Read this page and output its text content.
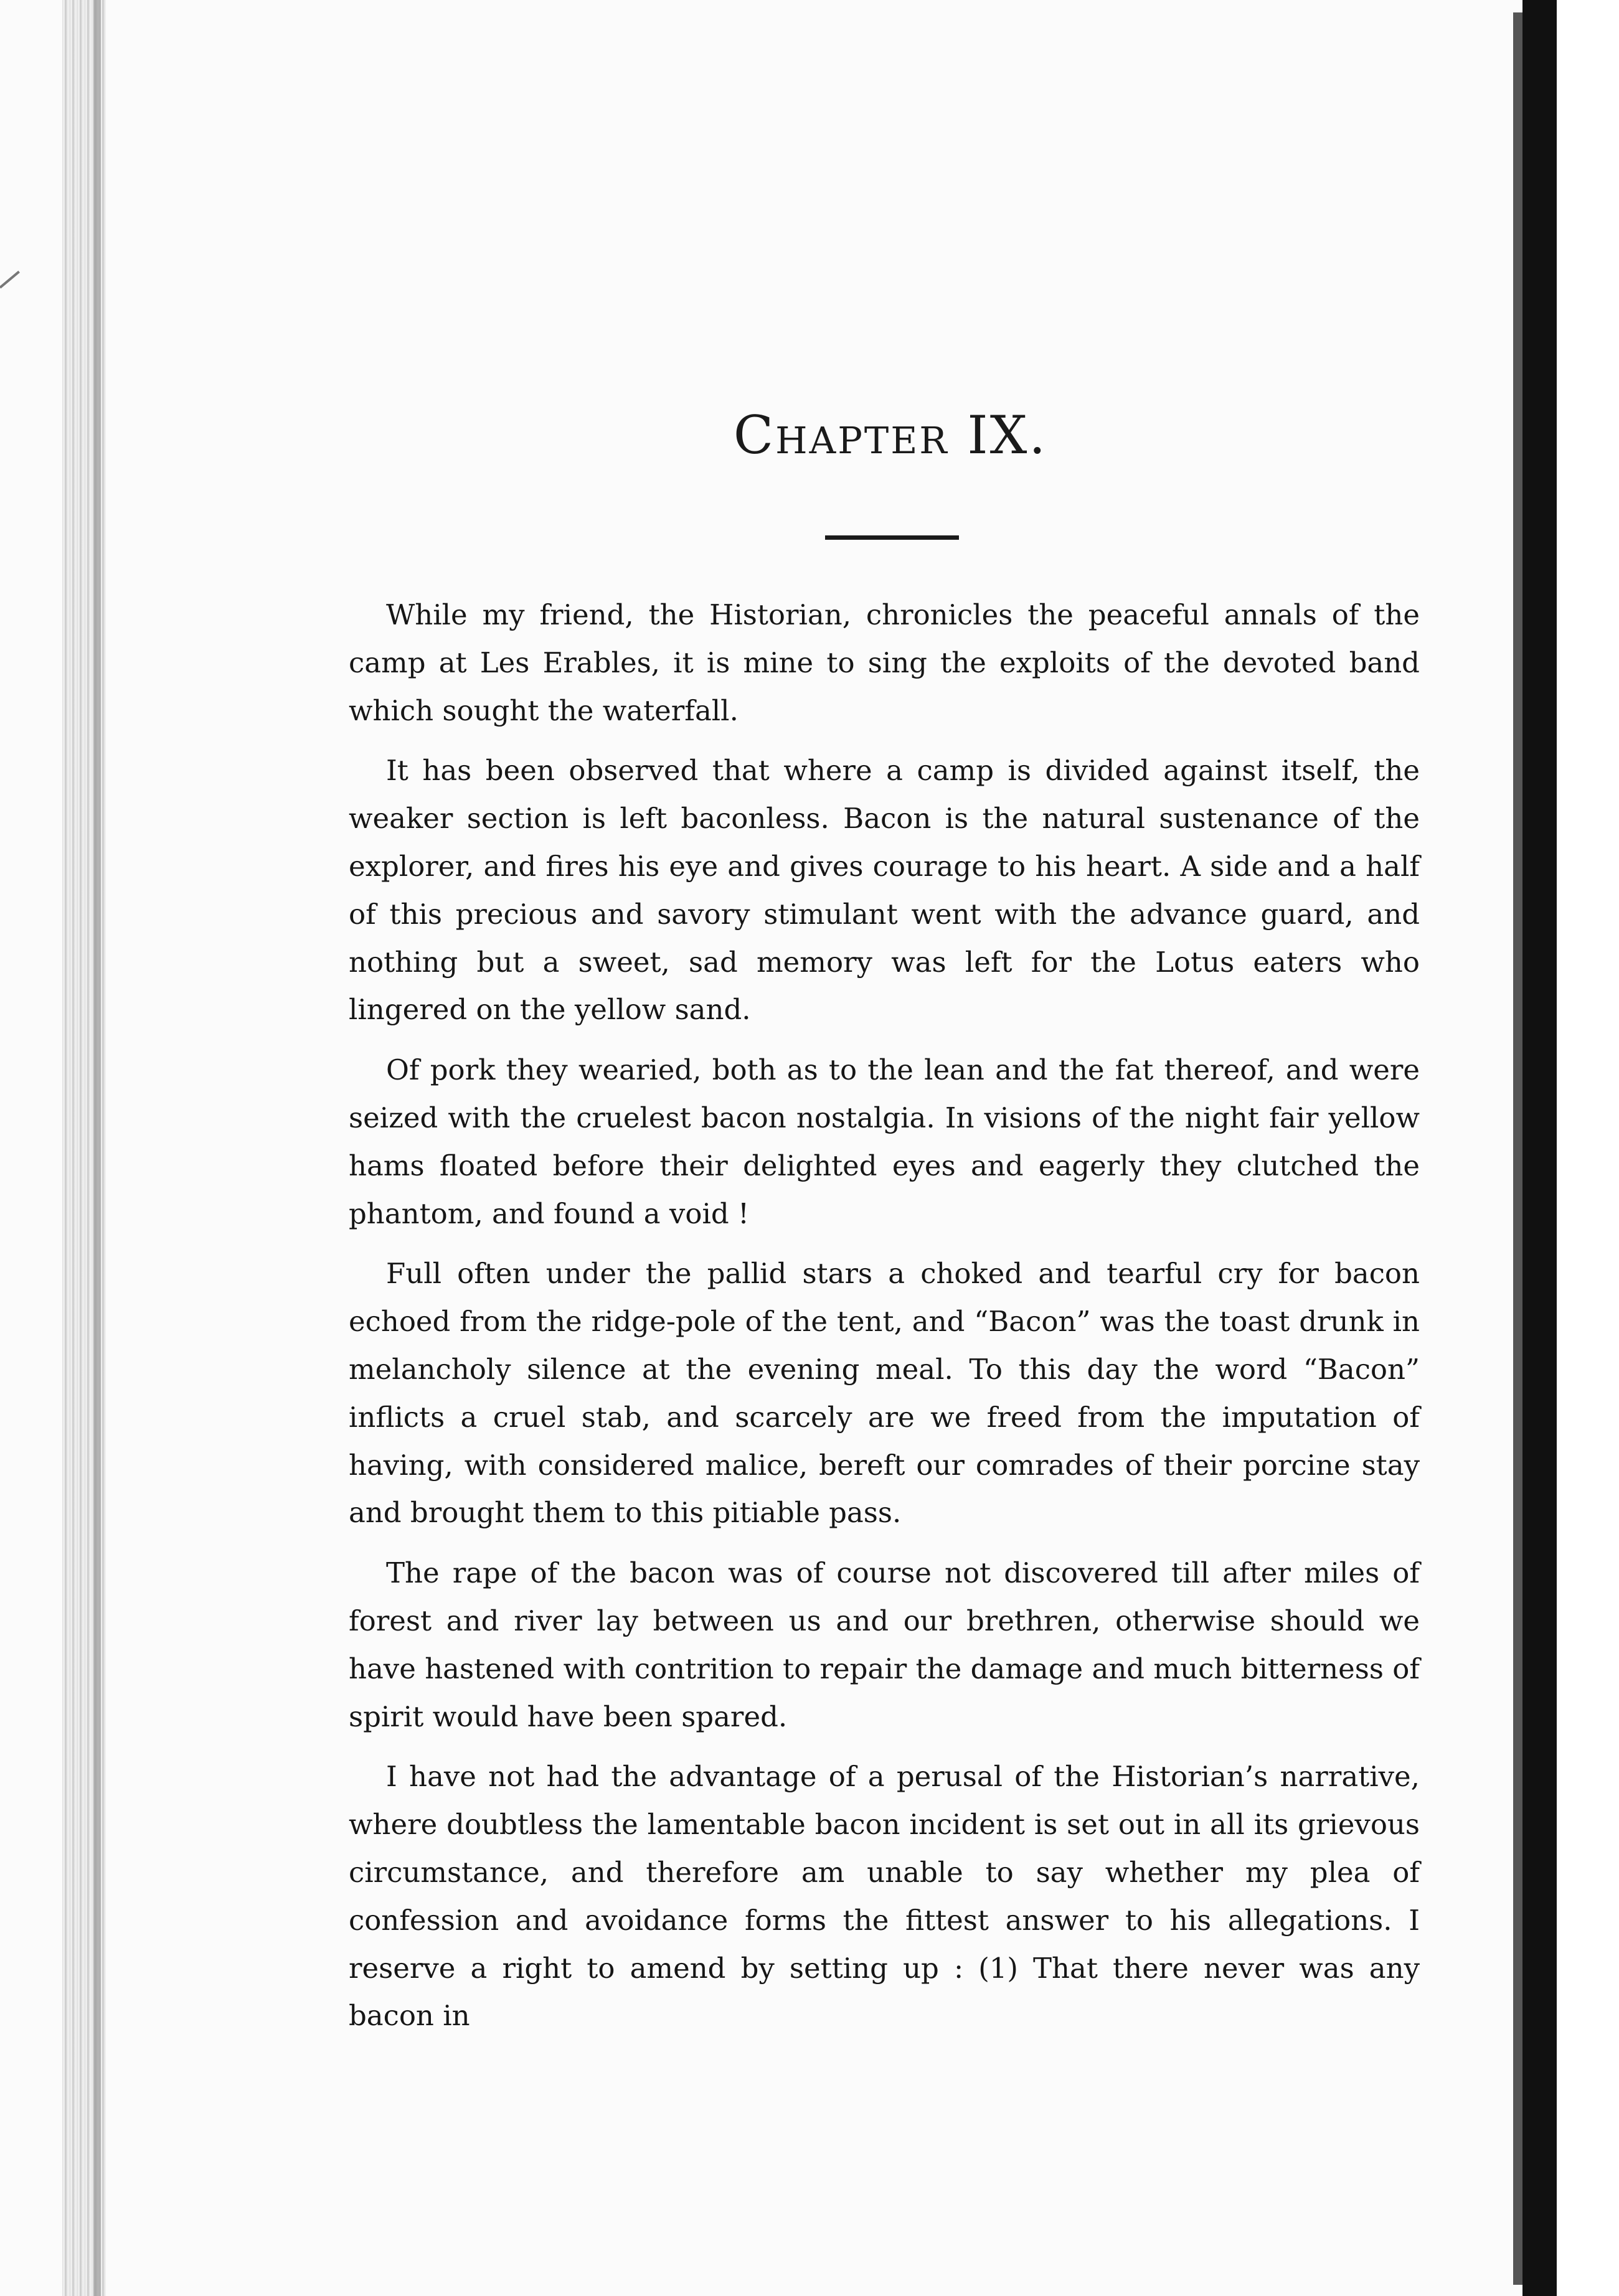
Chapter IX.

While my friend, the Historian, chronicles the peaceful annals of the camp at Les Erables, it is mine to sing the exploits of the devoted band which sought the waterfall.

It has been observed that where a camp is divided against itself, the weaker section is left baconless. Bacon is the natural sustenance of the explorer, and fires his eye and gives courage to his heart. A side and a half of this precious and savory stimulant went with the advance guard, and nothing but a sweet, sad memory was left for the Lotus eaters who lingered on the yellow sand.

Of pork they wearied, both as to the lean and the fat thereof, and were seized with the cruelest bacon nostalgia. In visions of the night fair yellow hams floated before their delighted eyes and eagerly they clutched the phantom, and found a void !

Full often under the pallid stars a choked and tearful cry for bacon echoed from the ridge-pole of the tent, and “Bacon” was the toast drunk in melancholy silence at the evening meal. To this day the word “Bacon” inflicts a cruel stab, and scarcely are we freed from the imputation of having, with considered malice, bereft our comrades of their porcine stay and brought them to this pitiable pass.

The rape of the bacon was of course not discovered till after miles of forest and river lay between us and our brethren, otherwise should we have hastened with contrition to repair the damage and much bitterness of spirit would have been spared.

I have not had the advantage of a perusal of the Historian’s narrative, where doubtless the lamentable bacon incident is set out in all its grievous circumstance, and therefore am unable to say whether my plea of confession and avoidance forms the fittest answer to his allegations. I reserve a right to amend by setting up : (1) That there never was any bacon in
